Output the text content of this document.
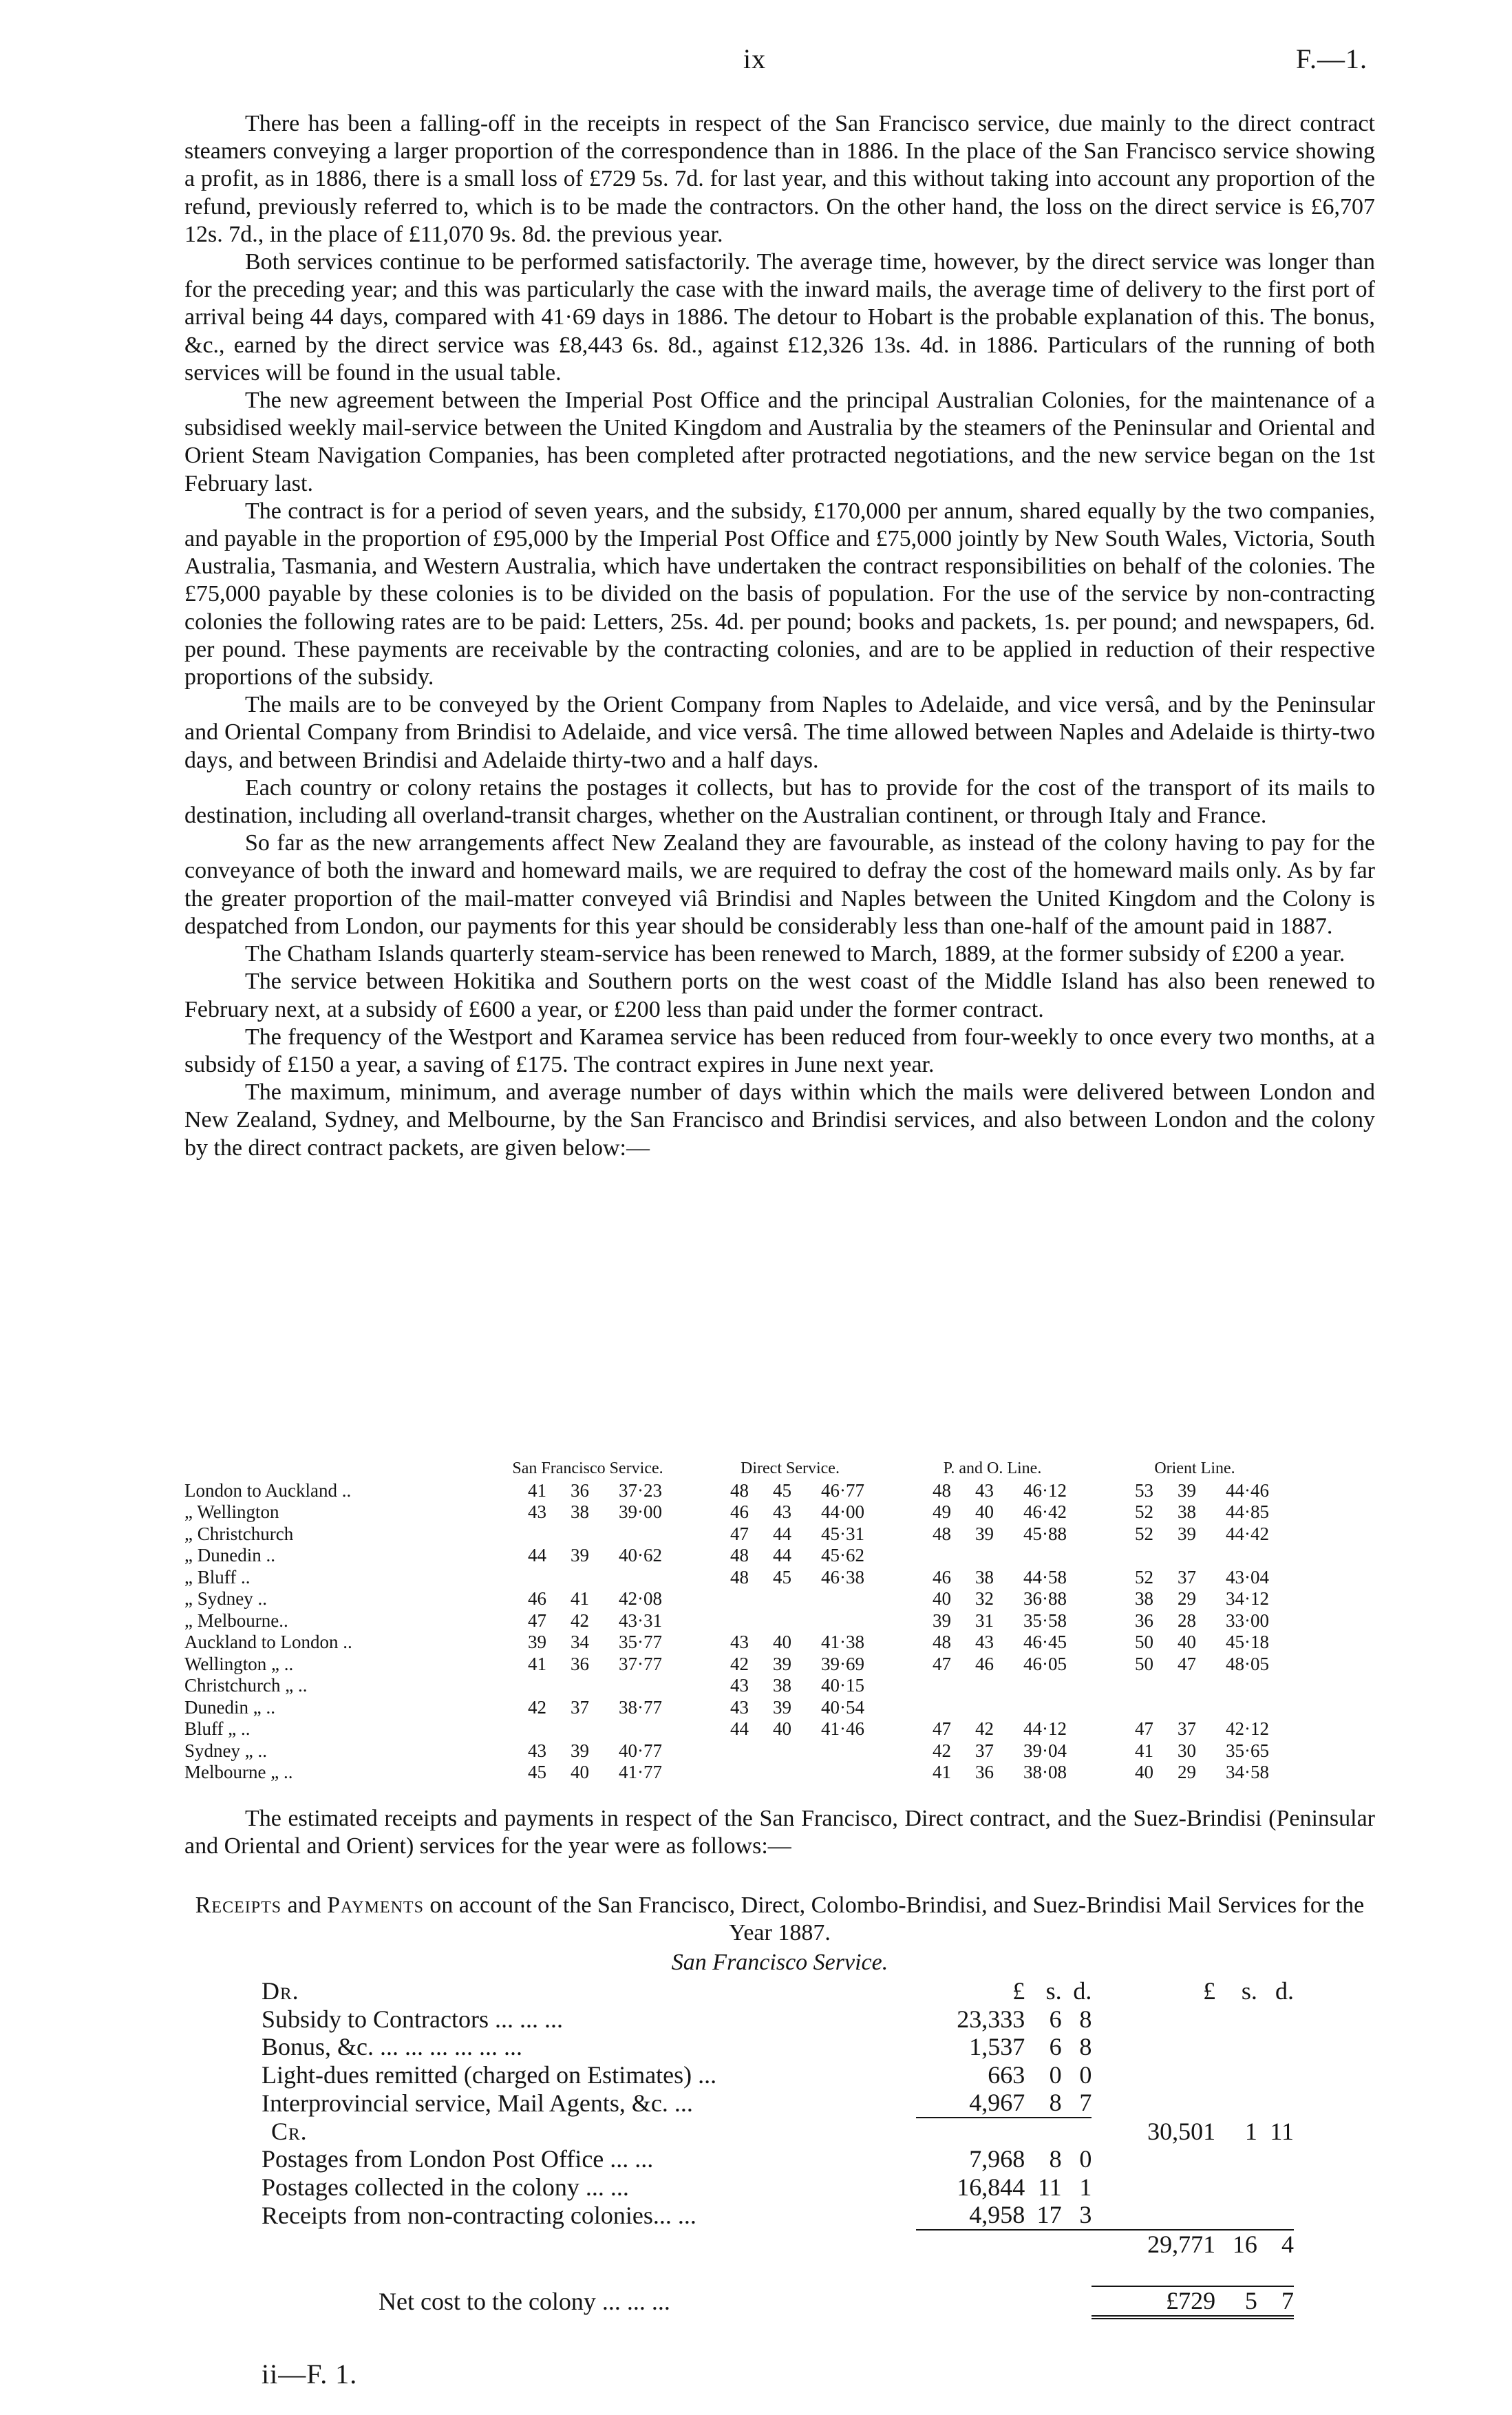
ix	F.—1.

There has been a falling-off in the receipts in respect of the San Francisco service, due mainly to the direct contract steamers conveying a larger proportion of the correspondence than in 1886. In the place of the San Francisco service showing a profit, as in 1886, there is a small loss of £729 5s. 7d. for last year, and this without taking into account any proportion of the refund, previously referred to, which is to be made the contractors. On the other hand, the loss on the direct service is £6,707 12s. 7d., in the place of £11,070 9s. 8d. the previous year.

Both services continue to be performed satisfactorily. The average time, however, by the direct service was longer than for the preceding year; and this was particularly the case with the inward mails, the average time of delivery to the first port of arrival being 44 days, compared with 41·69 days in 1886. The detour to Hobart is the probable explanation of this. The bonus, &c., earned by the direct service was £8,443 6s. 8d., against £12,326 13s. 4d. in 1886. Particulars of the running of both services will be found in the usual table.

The new agreement between the Imperial Post Office and the principal Australian Colonies, for the maintenance of a subsidised weekly mail-service between the United Kingdom and Australia by the steamers of the Peninsular and Oriental and Orient Steam Navigation Companies, has been completed after protracted negotiations, and the new service began on the 1st February last.

The contract is for a period of seven years, and the subsidy, £170,000 per annum, shared equally by the two companies, and payable in the proportion of £95,000 by the Imperial Post Office and £75,000 jointly by New South Wales, Victoria, South Australia, Tasmania, and Western Australia, which have undertaken the contract responsibilities on behalf of the colonies. The £75,000 payable by these colonies is to be divided on the basis of population. For the use of the service by non-contracting colonies the following rates are to be paid: Letters, 25s. 4d. per pound; books and packets, 1s. per pound; and newspapers, 6d. per pound. These payments are receivable by the contracting colonies, and are to be applied in reduction of their respective proportions of the subsidy.

The mails are to be conveyed by the Orient Company from Naples to Adelaide, and vice versâ, and by the Peninsular and Oriental Company from Brindisi to Adelaide, and vice versâ. The time allowed between Naples and Adelaide is thirty-two days, and between Brindisi and Adelaide thirty-two and a half days.

Each country or colony retains the postages it collects, but has to provide for the cost of the transport of its mails to destination, including all overland-transit charges, whether on the Australian continent, or through Italy and France.

So far as the new arrangements affect New Zealand they are favourable, as instead of the colony having to pay for the conveyance of both the inward and homeward mails, we are required to defray the cost of the homeward mails only. As by far the greater proportion of the mail-matter conveyed viâ Brindisi and Naples between the United Kingdom and the Colony is despatched from London, our payments for this year should be considerably less than one-half of the amount paid in 1887.

The Chatham Islands quarterly steam-service has been renewed to March, 1889, at the former subsidy of £200 a year.

The service between Hokitika and Southern ports on the west coast of the Middle Island has also been renewed to February next, at a subsidy of £600 a year, or £200 less than paid under the former contract.

The frequency of the Westport and Karamea service has been reduced from four-weekly to once every two months, at a subsidy of £150 a year, a saving of £175. The contract expires in June next year.

The maximum, minimum, and average number of days within which the mails were delivered between London and New Zealand, Sydney, and Melbourne, by the San Francisco and Brindisi services, and also between London and the colony by the direct contract packets, are given below:—

	San Francisco Service.				Direct Service.				P. and O. Line.				Orient Line.		
London to Auckland ..	41	36	37·23		48	45	46·77		48	43	46·12		53	39	44·46
„ Wellington	43	38	39·00		46	43	44·00		49	40	46·42		52	38	44·85
„ Christchurch					47	44	45·31		48	39	45·88		52	39	44·42
„ Dunedin ..	44	39	40·62		48	44	45·62								
„ Bluff ..					48	45	46·38		46	38	44·58		52	37	43·04
„ Sydney ..	46	41	42·08						40	32	36·88		38	29	34·12
„ Melbourne..	47	42	43·31						39	31	35·58		36	28	33·00
Auckland to London ..	39	34	35·77		43	40	41·38		48	43	46·45		50	40	45·18
Wellington „ ..	41	36	37·77		42	39	39·69		47	46	46·05		50	47	48·05
Christchurch „ ..					43	38	40·15								
Dunedin „ ..	42	37	38·77		43	39	40·54								
Bluff „ ..					44	40	41·46		47	42	44·12		47	37	42·12
Sydney „ ..	43	39	40·77						42	37	39·04		41	30	35·65
Melbourne „ ..	45	40	41·77						41	36	38·08		40	29	34·58

The estimated receipts and payments in respect of the San Francisco, Direct contract, and the Suez-Brindisi (Peninsular and Oriental and Orient) services for the year were as follows:—

Receipts and Payments on account of the San Francisco, Direct, Colombo-Brindisi, and Suez-Brindisi Mail Services for the Year 1887.
San Francisco Service.
Dr.	£	s.	d.	£	s.	d.
Subsidy to Contractors ... ... ...	23,333	6	8			
Bonus, &c. ... ... ... ... ... ...	1,537	6	8			
Light-dues remitted (charged on Estimates) ...	663	0	0			
Interprovincial service, Mail Agents, &c. ...	4,967	8	7			
Cr.				30,501	1	11
Postages from London Post Office ... ...	7,968	8	0			
Postages collected in the colony ... ...	16,844	11	1			
Receipts from non-contracting colonies... ...	4,958	17	3			
				29,771	16	4

Net cost to the colony ... ... ...				£729	5	7
ii—F. 1.
